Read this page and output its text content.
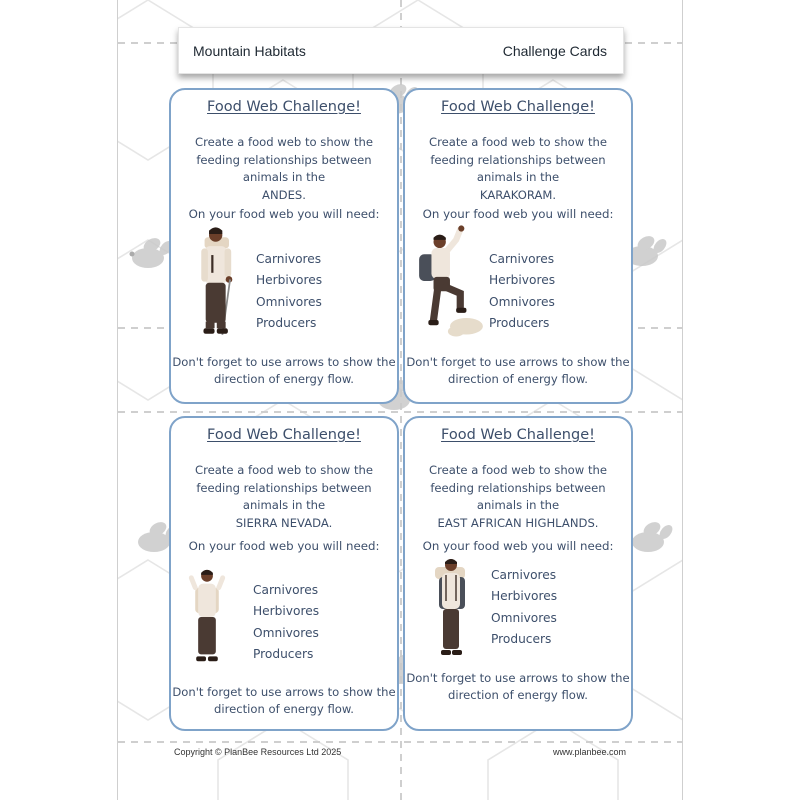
Mountain Habitats	Challenge Cards
Food Web Challenge!
Create a food web to show the feeding relationships between animals in the
ANDES.
On your food web you will need:
Carnivores
Herbivores
Omnivores
Producers
Don't forget to use arrows to show the direction of energy flow.
Food Web Challenge!
Create a food web to show the feeding relationships between animals in the
KARAKORAM.
On your food web you will need:
Carnivores
Herbivores
Omnivores
Producers
Don't forget to use arrows to show the direction of energy flow.
Food Web Challenge!
Create a food web to show the feeding relationships between animals in the
SIERRA NEVADA.
On your food web you will need:
Carnivores
Herbivores
Omnivores
Producers
Don't forget to use arrows to show the direction of energy flow.
Food Web Challenge!
Create a food web to show the feeding relationships between animals in the
EAST AFRICAN HIGHLANDS.
On your food web you will need:
Carnivores
Herbivores
Omnivores
Producers
Don't forget to use arrows to show the direction of energy flow.
Copyright © PlanBee Resources Ltd 2025	www.planbee.com
